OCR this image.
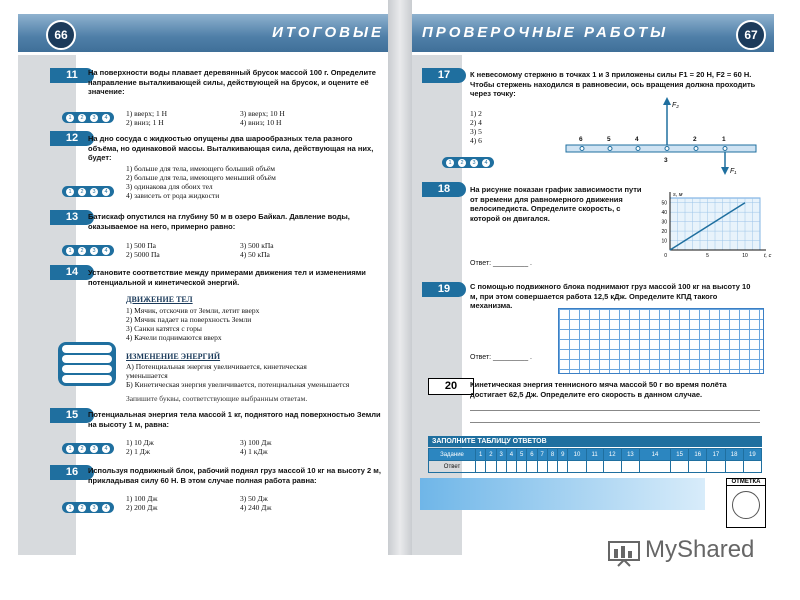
66	ИТОГОВЫЕ
11	На поверхности воды плавает деревянный брусок массой 100 г. Определите направление выталкивающей силы, действующей на брусок, и оцените её значение:
1	2	3	4	1) вверх; 1 Н
2) вниз; 1 Н
3) вверх; 10 Н
4) вниз; 10 Н
12	На дно сосуда с жидкостью опущены два шарообразных тела разного объёма, но одинаковой массы. Выталкивающая сила, действующая на них, будет:
1) больше для тела, имеющего больший объём
2) больше для тела, имеющего меньший объём
3) одинакова для обоих тел
4) зависеть от рода жидкости
1	2	3	4
13	Батискаф опустился на глубину 50 м в озеро Байкал. Давление воды, оказываемое на него, примерно равно:
1	2	3	4
1) 500 Па
2) 5000 Па
3) 500 кПа
4) 50 кПа
14	Установите соответствие между примерами движения тел и изменениями потенциальной и кинетической энергий.
ДВИЖЕНИЕ ТЕЛ
1) Мячик, отскочив от Земли, летит вверх
2) Мячик падает на поверхность Земли
3) Санки катятся с горы
4) Качели поднимаются вверх
ИЗМЕНЕНИЕ ЭНЕРГИЙ
А) Потенциальная энергия увеличивается, кинетическая
уменьшается
Б) Кинетическая энергия увеличивается, потенциальная уменьшается
Запишите буквы, соответствующие выбранным ответам.
15	Потенциальная энергия тела массой 1 кг, поднятого над поверхностью Земли на высоту 1 м, равна:
1	2	3	4
1) 10 Дж
2) 1 Дж
3) 100 Дж
4) 1 кДж
16	Используя подвижный блок, рабочий поднял груз массой 10 кг на высоту 2 м, прикладывая силу 60 Н. В этом случае полная работа равна:
1	2	3	4
1) 100 Дж
2) 200 Дж
3) 50 Дж
4) 240 Дж
ПРОВЕРОЧНЫЕ РАБОТЫ	67
17	К невесомому стержню в точках 1 и 3 приложены силы F1 = 20 Н, F2 = 60 Н. Чтобы стержень находился в равновесии, ось вращения должна проходить через точку:
1) 2
2) 4
3) 5
4) 6
1	2	3	4
6	5	4
3
2	1
F₂
F₁
18	На рисунке показан график зависимости пути от времени для равномерного движения велосипедиста. Определите скорость, с которой он двигался.
Ответ: _________ .
10
20
30
40
50
5	10
0	t, c
s, м
19	С помощью подвижного блока поднимают груз массой 100 кг на высоту 10 м, при этом совершается работа 12,5 кДж. Определите КПД такого механизма.
Ответ: _________ .
20	Кинетическая энергия теннисного мяча массой 50 г во время полёта достигает 62,5 Дж. Определите его скорость в данном случае.
ЗАПОЛНИТЕ ТАБЛИЦУ ОТВЕТОВ
Задание	1	2	3	4	5	6	7	8	9	10	11	12	13	14	15	16	17	18	19
Ответ																			
ОТМЕТКА
MyShared
